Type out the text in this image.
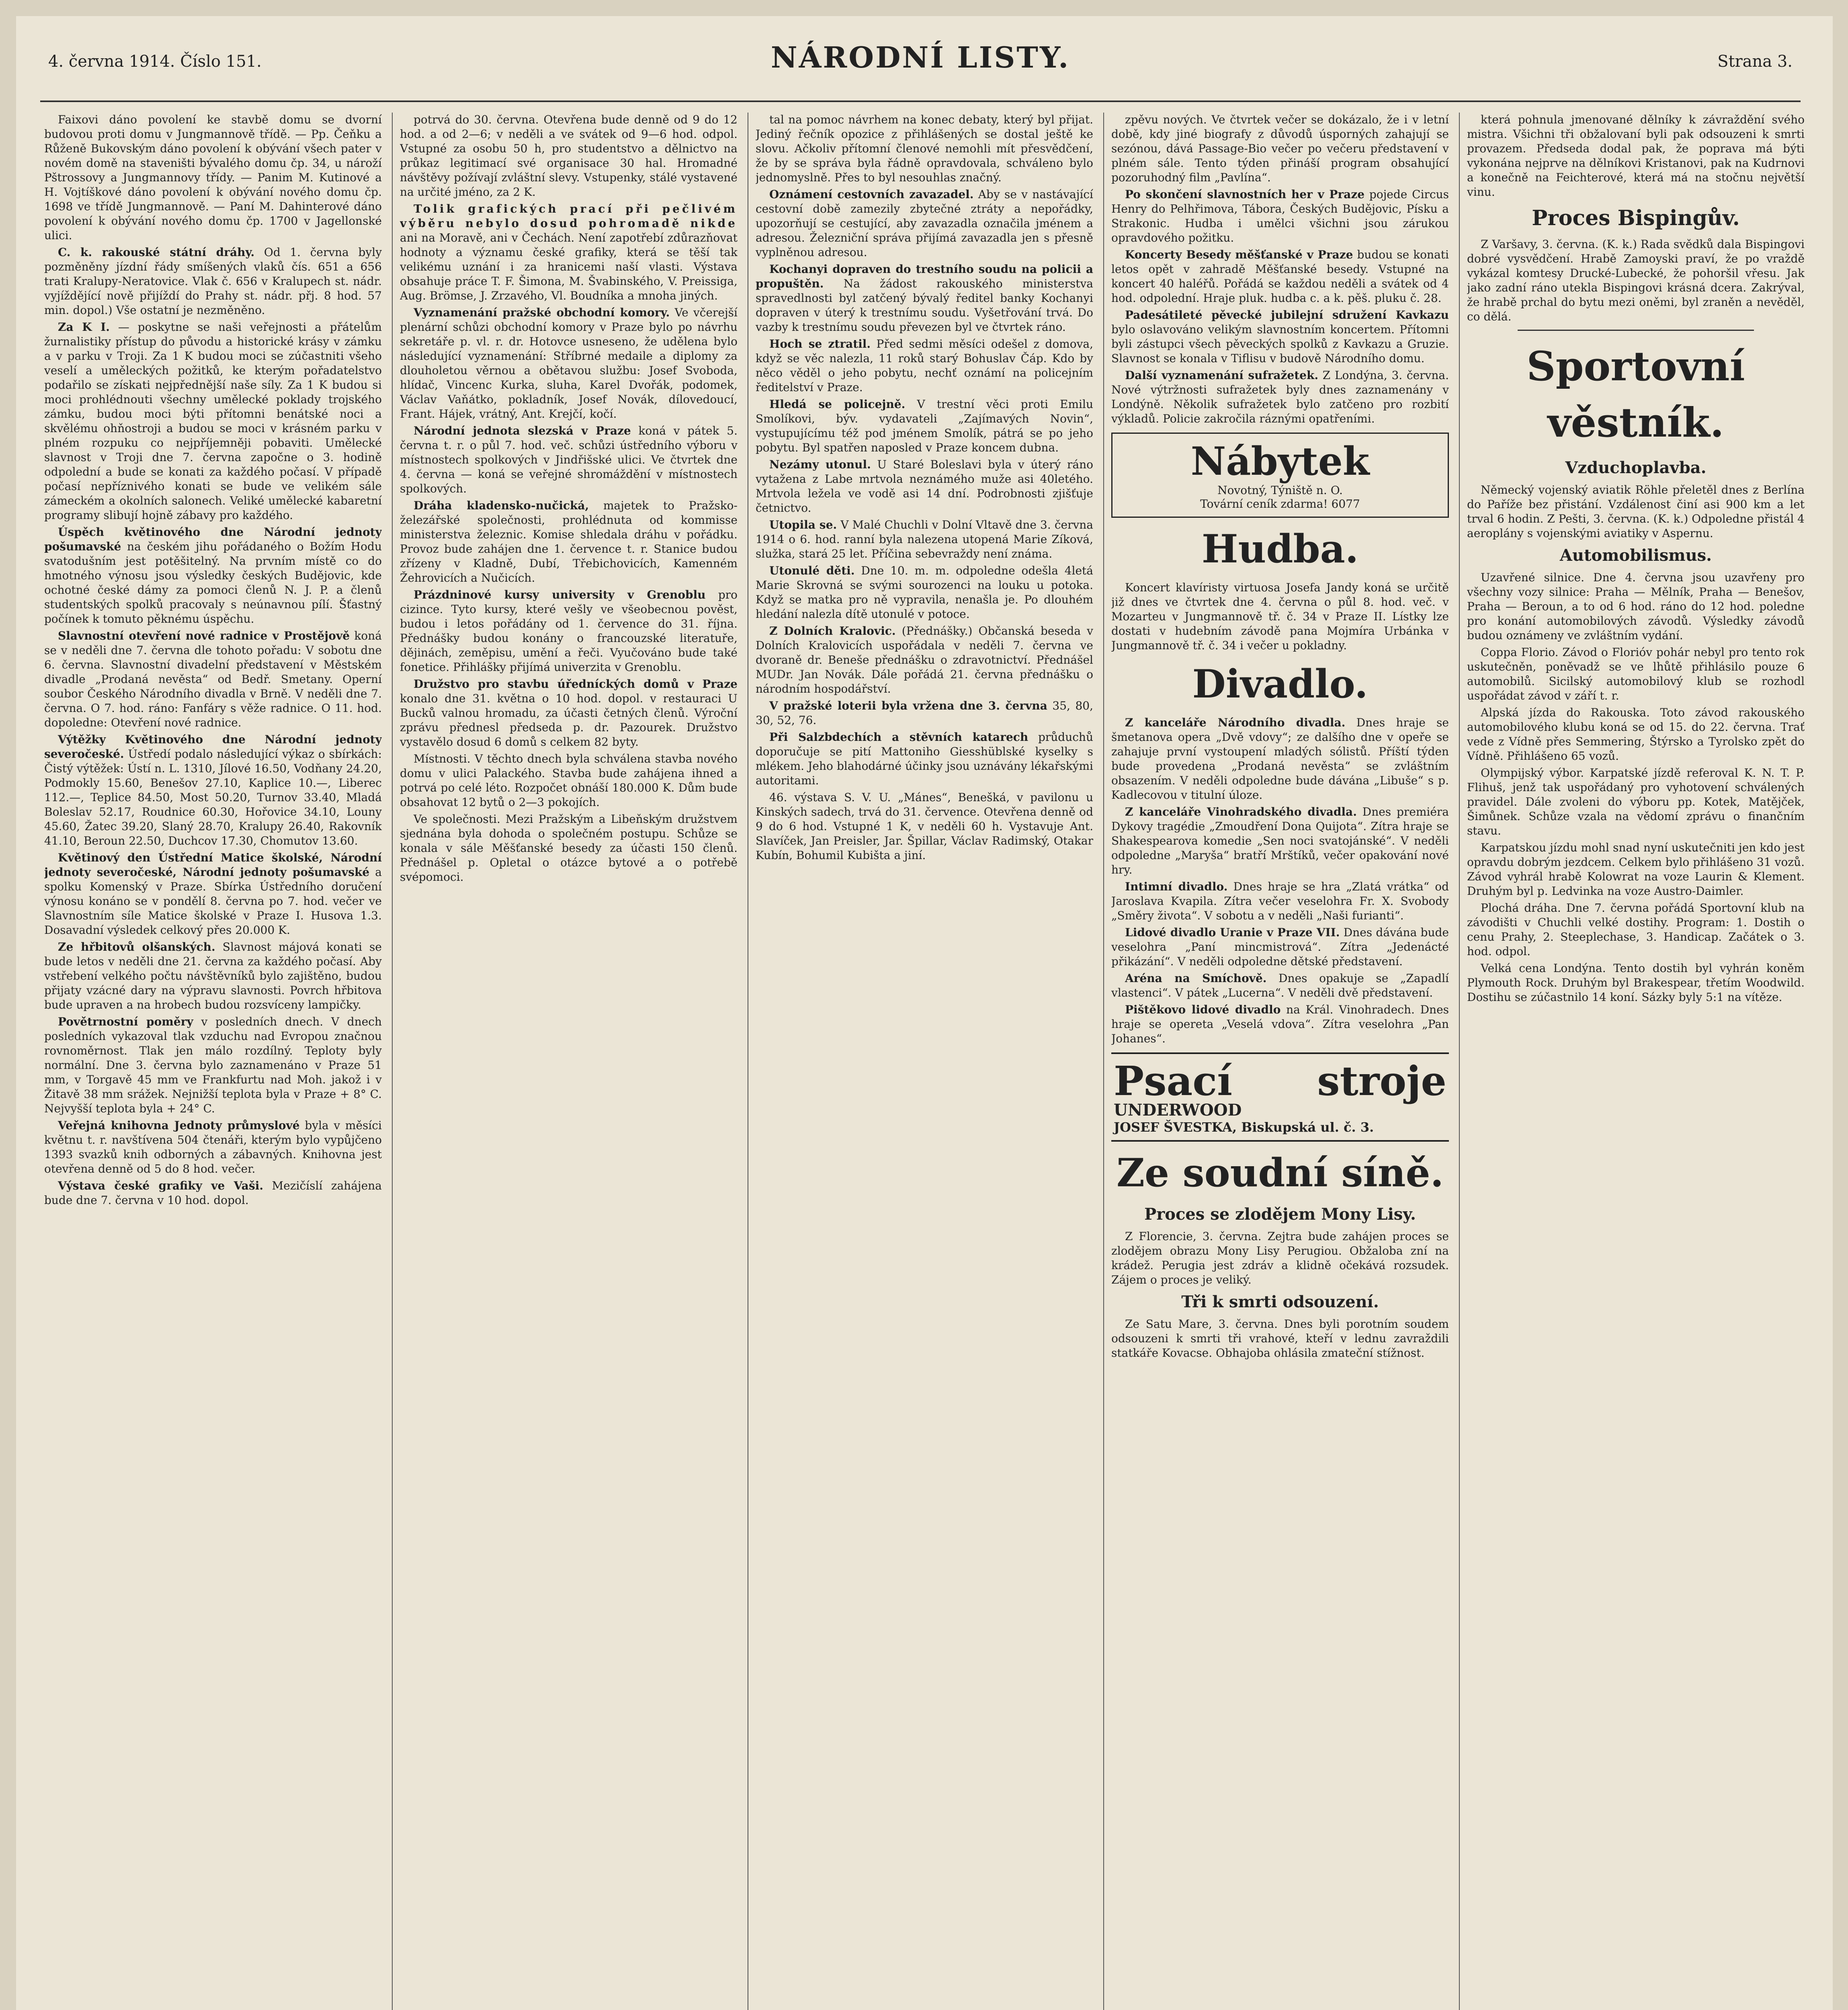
4. června 1914. Číslo 151.	NÁRODNÍ LISTY.	Strana 3.

Faixovi dáno povolení ke stavbě domu se dvorní budovou proti domu v Jungmannově třídě. — Pp. Čeňku a Růženě Bukovským dáno povolení k obývání všech pater v novém domě na staveništi bývalého domu čp. 34, u nároží Pštrossovy a Jungmannovy třídy. — Panim M. Kutinové a H. Vojtíškové dáno povolení k obývání nového domu čp. 1698 ve třídě Jungmannově. — Paní M. Dahinterové dáno povolení k obývání nového domu čp. 1700 v Jagellonské ulici.

C. k. rakouské státní dráhy. Od 1. června byly pozměněny jízdní řády smíšených vlaků čís. 651 a 656 trati Kralupy-Neratovice. Vlak č. 656 v Kralupech st. nádr. vyjíždějící nově přijíždí do Prahy st. nádr. přj. 8 hod. 57 min. dopol.) Vše ostatní je nezměněno.

Za K I. — poskytne se naši veřejnosti a přátelům žurnalistiky přístup do původu a historické krásy v zámku a v parku v Troji. Za 1 K budou moci se zúčastniti všeho veselí a uměleckých požitků, ke kterým pořadatelstvo podařilo se získati nejpřednější naše síly. Za 1 K budou si moci prohlédnouti všechny umělecké poklady trojského zámku, budou moci býti přítomni benátské noci a skvělému ohňostroji a budou se moci v krásném parku v plném rozpuku co nejpříjemněji pobaviti. Umělecké slavnost v Troji dne 7. června započne o 3. hodině odpolední a bude se konati za každého počasí. V případě počasí nepříznivého konati se bude ve velikém sále zámeckém a okolních salonech. Veliké umělecké kabaretní programy slibují hojně zábavy pro každého.

Úspěch květinového dne Národní jednoty pošumavské na českém jihu pořádaného o Božím Hodu svatodušním jest potěšitelný. Na prvním místě co do hmotného výnosu jsou výsledky českých Budějovic, kde ochotné české dámy za pomoci členů N. J. P. a členů studentských spolků pracovaly s neúnavnou pílí. Šťastný počínek k tomuto pěknému úspěchu.

Slavnostní otevření nové radnice v Prostějově koná se v neděli dne 7. června dle tohoto pořadu: V sobotu dne 6. června. Slavnostní divadelní představení v Městském divadle „Prodaná nevěsta“ od Bedř. Smetany. Operní soubor Českého Národního divadla v Brně. V neděli dne 7. června. O 7. hod. ráno: Fanfáry s věže radnice. O 11. hod. dopoledne: Otevření nové radnice.

Výtěžky Květinového dne Národní jednoty severočeské. Ústředí podalo následující výkaz o sbírkách: Čistý výtěžek: Ústí n. L. 1310, Jílové 16.50, Vodňany 24.20, Podmokly 15.60, Benešov 27.10, Kaplice 10.—, Liberec 112.—, Teplice 84.50, Most 50.20, Turnov 33.40, Mladá Boleslav 52.17, Roudnice 60.30, Hořovice 34.10, Louny 45.60, Žatec 39.20, Slaný 28.70, Kralupy 26.40, Rakovník 41.10, Beroun 22.50, Duchcov 17.30, Chomutov 13.60.

Květinový den Ústřední Matice školské, Národní jednoty severočeské, Národní jednoty pošumavské a spolku Komenský v Praze. Sbírka Ústředního doručení výnosu konáno se v pondělí 8. června po 7. hod. večer ve Slavnostním síle Matice školské v Praze I. Husova 1.3. Dosavadní výsledek celkový přes 20.000 K.

Ze hřbitovů olšanských. Slavnost májová konati se bude letos v neděli dne 21. června za každého počasí. Aby vstřebení velkého počtu návštěvníků bylo zajištěno, budou přijaty vzácné dary na výpravu slavnosti. Povrch hřbitova bude upraven a na hrobech budou rozsvíceny lampičky.

Povětrnostní poměry v posledních dnech. V dnech posledních vykazoval tlak vzduchu nad Evropou značnou rovnoměrnost. Tlak jen málo rozdílný. Teploty byly normální. Dne 3. června bylo zaznamenáno v Praze 51 mm, v Torgavě 45 mm ve Frankfurtu nad Moh. jakož i v Žitavě 38 mm srážek. Nejnižší teplota byla v Praze + 8° C. Nejvyšší teplota byla + 24° C.

Veřejná knihovna Jednoty průmyslové byla v měsíci květnu t. r. navštívena 504 čtenáři, kterým bylo vypůjčeno 1393 svazků knih odborných a zábavných. Knihovna jest otevřena denně od 5 do 8 hod. večer.

Výstava české grafiky ve Vaši. Mezičíslí zahájena bude dne 7. června v 10 hod. dopol.

potrvá do 30. června. Otevřena bude denně od 9 do 12 hod. a od 2—6; v neděli a ve svátek od 9—6 hod. odpol. Vstupné za osobu 50 h, pro studentstvo a dělnictvo na průkaz legitimací své organisace 30 hal. Hromadné návštěvy požívají zvláštní slevy. Vstupenky, stálé vystavené na určité jméno, za 2 K.

Tolik grafických prací při pečlivém výběru nebylo dosud pohromadě nikde ani na Moravě, ani v Čechách. Není zapotřebí zdůrazňovat hodnoty a významu české grafiky, která se těší tak velikému uznání i za hranicemi naší vlasti. Výstava obsahuje práce T. F. Šimona, M. Švabinského, V. Preissiga, Aug. Brömse, J. Zrzavého, Vl. Boudníka a mnoha jiných.

Vyznamenání pražské obchodní komory. Ve včerejší plenární schůzi obchodní komory v Praze bylo po návrhu sekretáře p. vl. r. dr. Hotovce usneseno, že udělena bylo následující vyznamenání: Stříbrné medaile a diplomy za dlouholetou věrnou a obětavou službu: Josef Svoboda, hlídač, Vincenc Kurka, sluha, Karel Dvořák, podomek, Václav Vaňátko, pokladník, Josef Novák, dílovedoucí, Frant. Hájek, vrátný, Ant. Krejčí, kočí.

Národní jednota slezská v Praze koná v pátek 5. června t. r. o půl 7. hod. več. schůzi ústředního výboru v místnostech spolkových v Jindřišské ulici. Ve čtvrtek dne 4. června — koná se veřejné shromáždění v místnostech spolkových.

Dráha kladensko-nučická, majetek to Pražsko-železářské společnosti, prohlédnuta od kommisse ministerstva železnic. Komise shledala dráhu v pořádku. Provoz bude zahájen dne 1. července t. r. Stanice budou zřízeny v Kladně, Dubí, Třebichovicích, Kamenném Žehrovicích a Nučicích.

Prázdninové kursy university v Grenoblu pro cizince. Tyto kursy, které vešly ve všeobecnou pověst, budou i letos pořádány od 1. července do 31. října. Přednášky budou konány o francouzské literatuře, dějinách, zeměpisu, umění a řeči. Vyučováno bude také fonetice. Přihlášky přijímá univerzita v Grenoblu.

Družstvo pro stavbu úředníckých domů v Praze konalo dne 31. května o 10 hod. dopol. v restauraci U Bucků valnou hromadu, za účasti četných členů. Výroční zprávu přednesl předseda p. dr. Pazourek. Družstvo vystavělo dosud 6 domů s celkem 82 byty.

Místnosti. V těchto dnech byla schválena stavba nového domu v ulici Palackého. Stavba bude zahájena ihned a potrvá po celé léto. Rozpočet obnáší 180.000 K. Dům bude obsahovat 12 bytů o 2—3 pokojích.

Ve společnosti. Mezi Pražským a Libeňským družstvem sjednána byla dohoda o společném postupu. Schůze se konala v sále Měšťanské besedy za účasti 150 členů. Přednášel p. Opletal o otázce bytové a o potřebě svépomoci.

tal na pomoc návrhem na konec debaty, který byl přijat. Jediný řečník opozice z přihlášených se dostal ještě ke slovu. Ačkoliv přítomní členové nemohli mít přesvědčení, že by se správa byla řádně opravdovala, schváleno bylo jednomyslně. Přes to byl nesouhlas značný.

Oznámení cestovních zavazadel. Aby se v nastávající cestovní době zamezily zbytečné ztráty a nepořádky, upozorňují se cestující, aby zavazadla označila jménem a adresou. Železniční správa přijímá zavazadla jen s přesně vyplněnou adresou.

Kochanyi dopraven do trestního soudu na policii a propuštěn. Na žádost rakouského ministerstva spravedlnosti byl zatčený bývalý ředitel banky Kochanyi dopraven v úterý k trestnímu soudu. Vyšetřování trvá. Do vazby k trestnímu soudu převezen byl ve čtvrtek ráno.

Hoch se ztratil. Před sedmi měsíci odešel z domova, když se věc nalezla, 11 roků starý Bohuslav Čáp. Kdo by něco věděl o jeho pobytu, nechť oznámí na policejním ředitelství v Praze.

Hledá se policejně. V trestní věci proti Emilu Smolíkovi, býv. vydavateli „Zajímavých Novin“, vystupujícímu též pod jménem Smolík, pátrá se po jeho pobytu. Byl spatřen naposled v Praze koncem dubna.

Nezámy utonul. U Staré Boleslavi byla v úterý ráno vytažena z Labe mrtvola neznámého muže asi 40letého. Mrtvola ležela ve vodě asi 14 dní. Podrobnosti zjišťuje četnictvo.

Utopila se. V Malé Chuchli v Dolní Vltavě dne 3. června 1914 o 6. hod. ranní byla nalezena utopená Marie Zíková, služka, stará 25 let. Příčina sebevraždy není známa.

Utonulé děti. Dne 10. m. m. odpoledne odešla 4letá Marie Skrovná se svými sourozenci na louku u potoka. Když se matka pro ně vypravila, nenašla je. Po dlouhém hledání nalezla dítě utonulé v potoce.

Z Dolních Kralovic. (Přednášky.) Občanská beseda v Dolních Kralovicích uspořádala v neděli 7. června ve dvoraně dr. Beneše přednášku o zdravotnictví. Přednášel MUDr. Jan Novák. Dále pořádá 21. června přednášku o národním hospodářství.

V pražské loterii byla vržena dne 3. června 35, 80, 30, 52, 76.

Při Salzbdechích a stěvních katarech průduchů doporučuje se pití Mattoniho Giesshüblské kyselky s mlékem. Jeho blahodárné účinky jsou uznávány lékařskými autoritami.

46. výstava S. V. U. „Mánes“, Benešká, v pavilonu u Kinských sadech, trvá do 31. července. Otevřena denně od 9 do 6 hod. Vstupné 1 K, v neděli 60 h. Vystavuje Ant. Slavíček, Jan Preisler, Jar. Špillar, Václav Radimský, Otakar Kubín, Bohumil Kubišta a jiní.

zpěvu nových. Ve čtvrtek večer se dokázalo, že i v letní době, kdy jiné biografy z důvodů úsporných zahajují se sezónou, dává Passage-Bio večer po večeru představení v plném sále. Tento týden přináší program obsahující pozoruhodný film „Pavlína“.

Po skončení slavnostních her v Praze pojede Circus Henry do Pelhřimova, Tábora, Českých Budějovic, Písku a Strakonic. Hudba i umělci všichni jsou zárukou opravdového požitku.

Koncerty Besedy měšťanské v Praze budou se konati letos opět v zahradě Měšťanské besedy. Vstupné na koncert 40 haléřů. Pořádá se každou neděli a svátek od 4 hod. odpolední. Hraje pluk. hudba c. a k. pěš. pluku č. 28.

Padesátileté pěvecké jubilejní sdružení Kavkazu bylo oslavováno velikým slavnostním koncertem. Přítomni byli zástupci všech pěveckých spolků z Kavkazu a Gruzie. Slavnost se konala v Tiflisu v budově Národního domu.

Další vyznamenání sufražetek. Z Londýna, 3. června. Nové výtržnosti sufražetek byly dnes zaznamenány v Londýně. Několik sufražetek bylo zatčeno pro rozbití výkladů. Policie zakročila ráznými opatřeními.

Nábytek
Novotný, Týniště n. O.
Tovární ceník zdarma! 6077
Hudba.

Koncert klavíristy virtuosa Josefa Jandy koná se určitě již dnes ve čtvrtek dne 4. června o půl 8. hod. več. v Mozarteu v Jungmannově tř. č. 34 v Praze II. Lístky lze dostati v hudebním závodě pana Mojmíra Urbánka v Jungmannově tř. č. 34 i večer u pokladny.

Divadlo.

Z kanceláře Národního divadla. Dnes hraje se šmetanova opera „Dvě vdovy“; ze dalšího dne v opeře se zahajuje první vystoupení mladých sólistů. Příští týden bude provedena „Prodaná nevěsta“ se zvláštním obsazením. V neděli odpoledne bude dávána „Libuše“ s p. Kadlecovou v titulní úloze.

Z kanceláře Vinohradského divadla. Dnes premiéra Dykovy tragédie „Zmoudření Dona Quijota“. Zítra hraje se Shakespearova komedie „Sen noci svatojánské“. V neděli odpoledne „Maryša“ bratří Mrštíků, večer opakování nové hry.

Intimní divadlo. Dnes hraje se hra „Zlatá vrátka“ od Jaroslava Kvapila. Zítra večer veselohra Fr. X. Svobody „Směry života“. V sobotu a v neděli „Naši furianti“.

Lidové divadlo Uranie v Praze VII. Dnes dávána bude veselohra „Paní mincmistrová“. Zítra „Jedenácté přikázání“. V neděli odpoledne dětské představení.

Aréna na Smíchově. Dnes opakuje se „Zapadlí vlastenci“. V pátek „Lucerna“. V neděli dvě představení.

Pištěkovo lidové divadlo na Král. Vinohradech. Dnes hraje se opereta „Veselá vdova“. Zítra veselohra „Pan Johanes“.

Psací stroje UNDERWOOD
JOSEF ŠVESTKA, Biskupská ul. č. 3.
Ze soudní síně.
Proces se zlodějem Mony Lisy.

Z Florencie, 3. června. Zejtra bude zahájen proces se zlodějem obrazu Mony Lisy Perugiou. Obžaloba zní na krádež. Perugia jest zdráv a klidně očekává rozsudek. Zájem o proces je veliký.

Tři k smrti odsouzení.

Ze Satu Mare, 3. června. Dnes byli porotním soudem odsouzeni k smrti tři vrahové, kteří v lednu zavraždili statkáře Kovacse. Obhajoba ohlásila zmateční stížnost.

která pohnula jmenované dělníky k závraždění svého mistra. Všichni tři obžalovaní byli pak odsouzeni k smrti provazem. Předseda dodal pak, že poprava má býti vykonána nejprve na dělníkovi Kristanovi, pak na Kudrnovi a konečně na Feichterové, která má na stočnu největší vinu.

Proces Bispingův.

Z Varšavy, 3. června. (K. k.) Rada svědků dala Bispingovi dobré vysvědčení. Hrabě Zamoyski praví, že po vraždě vykázal komtesy Drucké-Lubecké, že pohoršil vřesu. Jak jako zadní ráno utekla Bispingovi krásná dcera. Zakrýval, že hrabě prchal do bytu mezi oněmi, byl zraněn a nevěděl, co dělá.

Sportovní věstník.
Vzduchoplavba.

Německý vojenský aviatik Röhle přeletěl dnes z Berlína do Paříže bez přistání. Vzdálenost činí asi 900 km a let trval 6 hodin. Z Pešti, 3. června. (K. k.) Odpoledne přistál 4 aeroplány s vojenskými aviatiky v Aspernu.

Automobilismus.

Uzavřené silnice. Dne 4. června jsou uzavřeny pro všechny vozy silnice: Praha — Mělník, Praha — Benešov, Praha — Beroun, a to od 6 hod. ráno do 12 hod. poledne pro konání automobilových závodů. Výsledky závodů budou oznámeny ve zvláštním vydání.

Coppa Florio. Závod o Florióv pohár nebyl pro tento rok uskutečněn, poněvadž se ve lhůtě přihlásilo pouze 6 automobilů. Sicilský automobilový klub se rozhodl uspořádat závod v září t. r.

Alpská jízda do Rakouska. Toto závod rakouského automobilového klubu koná se od 15. do 22. června. Trať vede z Vídně přes Semmering, Štýrsko a Tyrolsko zpět do Vídně. Přihlášeno 65 vozů.

Olympijský výbor. Karpatské jízdě referoval K. N. T. P. Flihuš, jenž tak uspořádaný pro vyhotovení schválených pravidel. Dále zvoleni do výboru pp. Kotek, Matějček, Šimůnek. Schůze vzala na vědomí zprávu o finančním stavu.

Karpatskou jízdu mohl snad nyní uskutečniti jen kdo jest opravdu dobrým jezdcem. Celkem bylo přihlášeno 31 vozů. Závod vyhrál hrabě Kolowrat na voze Laurin & Klement. Druhým byl p. Ledvinka na voze Austro-Daimler.

Plochá dráha. Dne 7. června pořádá Sportovní klub na závodišti v Chuchli velké dostihy. Program: 1. Dostih o cenu Prahy, 2. Steeplechase, 3. Handicap. Začátek o 3. hod. odpol.

Velká cena Londýna. Tento dostih byl vyhrán koněm Plymouth Rock. Druhým byl Brakespear, třetím Woodwild. Dostihu se zúčastnilo 14 koní. Sázky byly 5:1 na vítěze.
